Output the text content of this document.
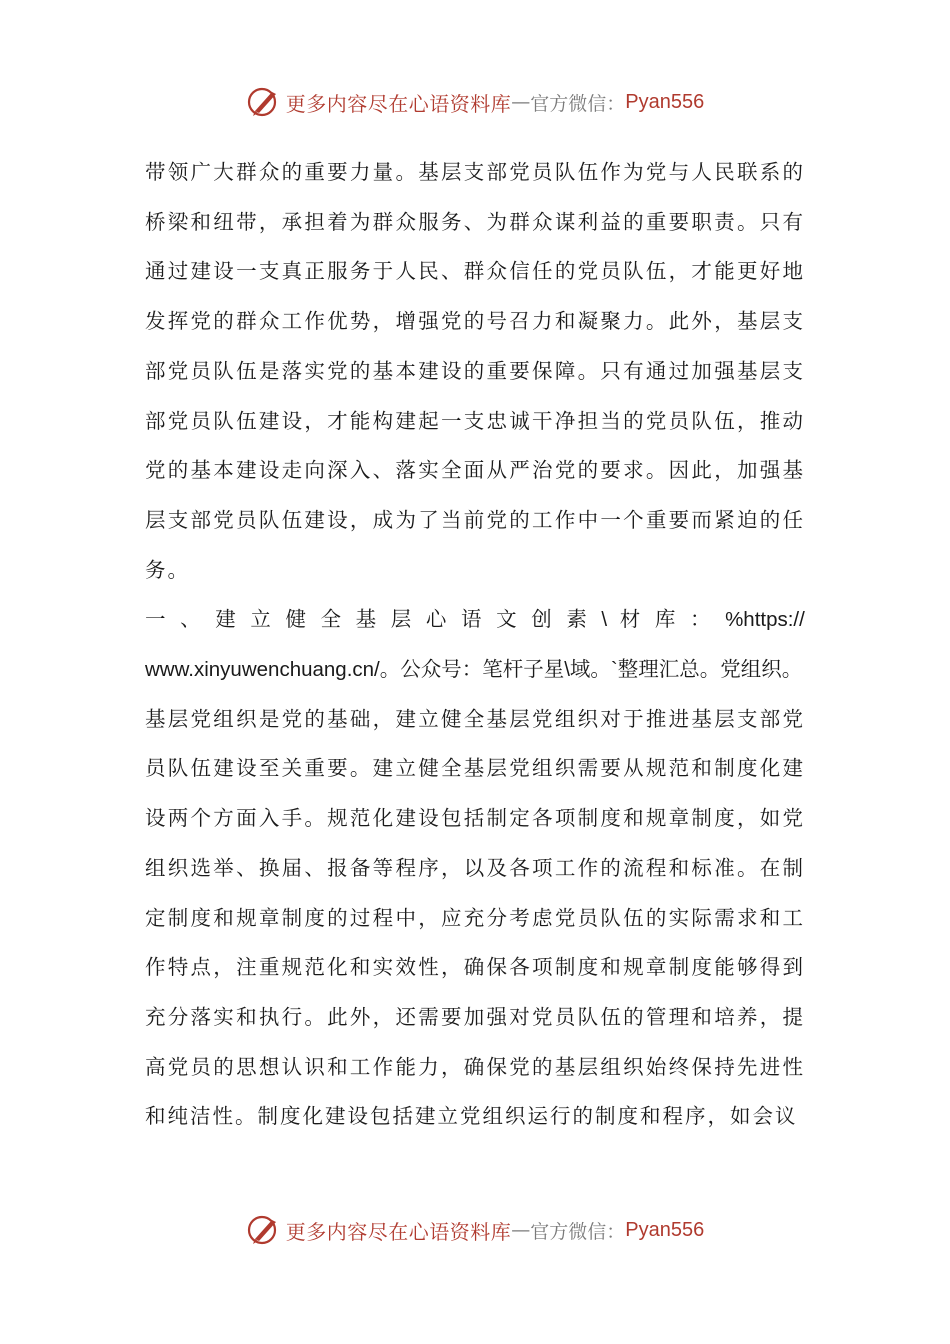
更多内容尽在心语资料库 — 官方微信： Pyan556

带领广大群众的重要力量。基层支部党员队伍作为党与人民联系的桥梁和纽带，承担着为群众服务、为群众谋利益的重要职责。只有通过建设一支真正服务于人民、群众信任的党员队伍，才能更好地发挥党的群众工作优势，增强党的号召力和凝聚力。此外，基层支部党员队伍是落实党的基本建设的重要保障。只有通过加强基层支部党员队伍建设，才能构建起一支忠诚干净担当的党员队伍，推动党的基本建设走向深入、落实全面从严治党的要求。因此，加强基层支部党员队伍建设，成为了当前党的工作中一个重要而紧迫的任务。

一 、 建 立 健 全 基 层 心 语 文 创 素 \ 材 库 ： %https://
www.xinyuwenchuang.cn/。公众号：笔杆子星\域。`整理汇总。党组织。

基层党组织是党的基础，建立健全基层党组织对于推进基层支部党员队伍建设至关重要。建立健全基层党组织需要从规范和制度化建设两个方面入手。规范化建设包括制定各项制度和规章制度，如党组织选举、换届、报备等程序，以及各项工作的流程和标准。在制定制度和规章制度的过程中，应充分考虑党员队伍的实际需求和工作特点，注重规范化和实效性，确保各项制度和规章制度能够得到充分落实和执行。此外，还需要加强对党员队伍的管理和培养，提高党员的思想认识和工作能力，确保党的基层组织始终保持先进性和纯洁性。制度化建设包括建立党组织运行的制度和程序，如会议

更多内容尽在心语资料库 — 官方微信： Pyan556
